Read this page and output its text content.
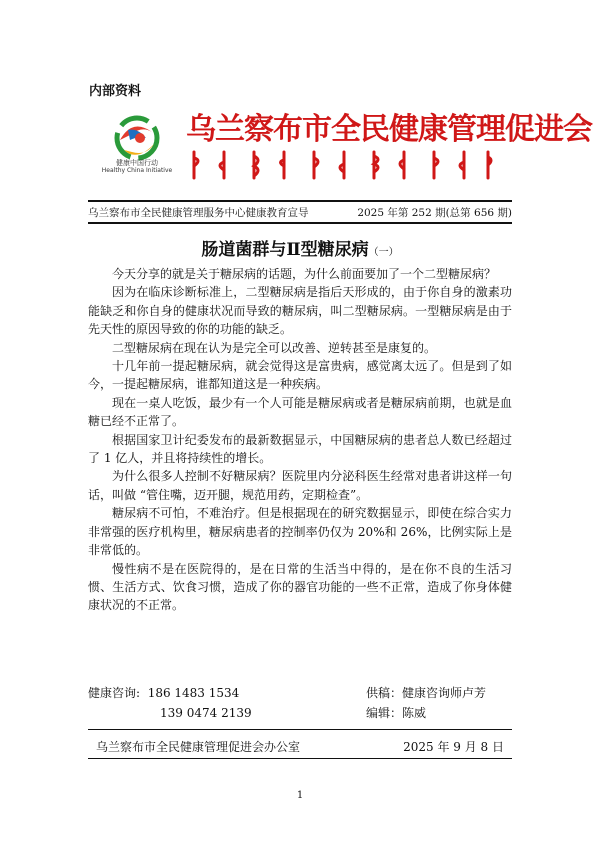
内部资料
健康中国行动
Healthy China Initiative
乌兰察布市全民健康管理促进会
乌兰察布市全民健康管理服务中心健康教育宣导	2025 年第 252 期(总第 656 期)
肠道菌群与Ⅱ型糖尿病（一）

今天分享的就是关于糖尿病的话题，为什么前面要加了一个二型糖尿病？

因为在临床诊断标准上，二型糖尿病是指后天形成的，由于你自身的激素功能缺乏和你自身的健康状况而导致的糖尿病，叫二型糖尿病。一型糖尿病是由于先天性的原因导致的你的功能的缺乏。

二型糖尿病在现在认为是完全可以改善、逆转甚至是康复的。

十几年前一提起糖尿病，就会觉得这是富贵病，感觉离太远了。但是到了如今，一提起糖尿病，谁都知道这是一种疾病。

现在一桌人吃饭，最少有一个人可能是糖尿病或者是糖尿病前期，也就是血糖已经不正常了。

根据国家卫计纪委发布的最新数据显示，中国糖尿病的患者总人数已经超过了 1 亿人，并且将持续性的增长。

为什么很多人控制不好糖尿病？医院里内分泌科医生经常对患者讲这样一句话，叫做 “管住嘴，迈开腿，规范用药，定期检查”。

糖尿病不可怕，不难治疗。但是根据现在的研究数据显示，即使在综合实力非常强的医疗机构里，糖尿病患者的控制率仍仅为 20%和 26%，比例实际上是非常低的。

慢性病不是在医院得的，是在日常的生活当中得的，是在你不良的生活习惯、生活方式、饮食习惯，造成了你的器官功能的一些不正常，造成了你身体健康状况的不正常。

健康咨询: 186 1483 1534
139 0474 2139
供稿：健康咨询师卢芳
编辑：陈威
乌兰察布市全民健康管理促进会办公室	2025 年 9 月 8 日
1
